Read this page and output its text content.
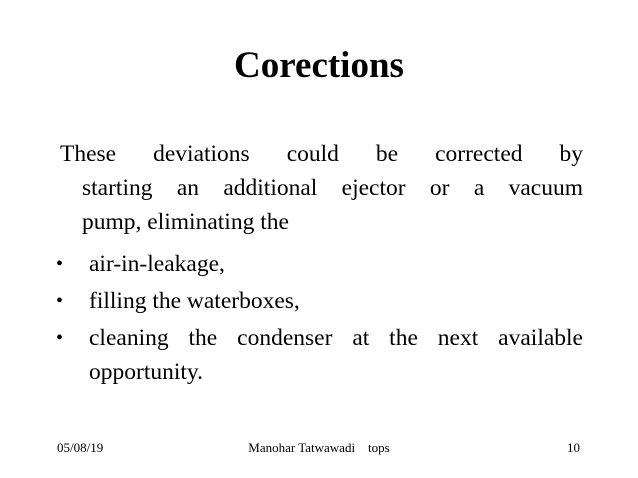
Corections
These deviations could be corrected by
starting an additional ejector or a vacuum
pump, eliminating the
• air-in-leakage,
• filling the waterboxes,
• cleaning the condenser at the next available
opportunity.
05/08/19	Manohar Tatwawadi    tops	10
